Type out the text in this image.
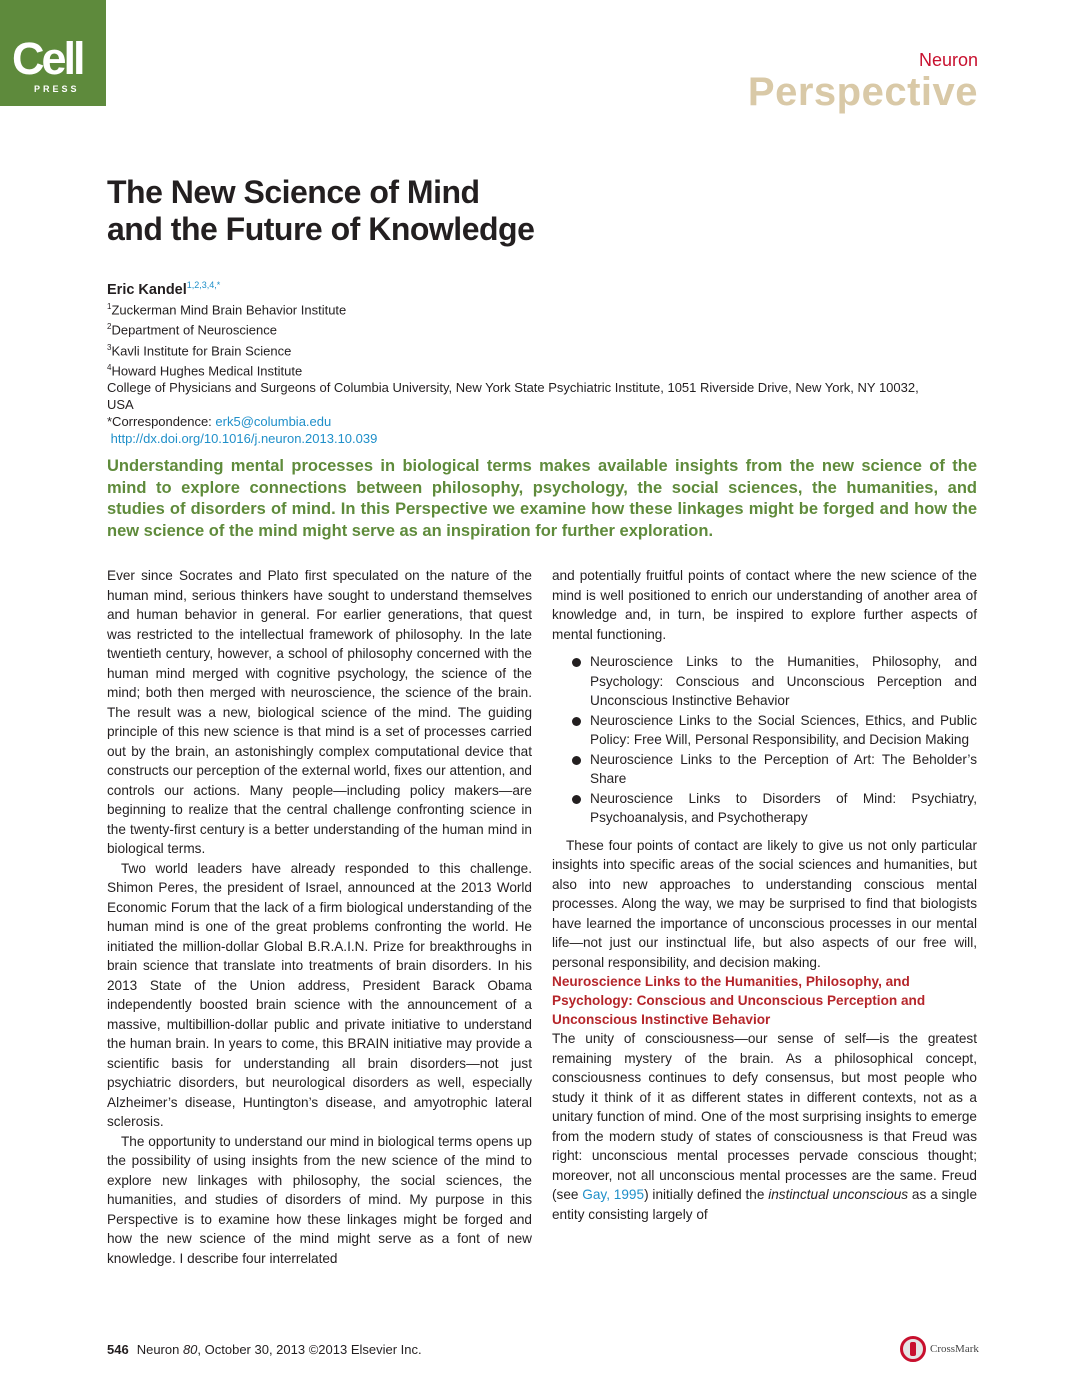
Cell
PRESS
Neuron
Perspective
The New Science of Mind
and the Future of Knowledge
Eric Kandel$^{1,2,3,4,*}$
$^1$Zuckerman Mind Brain Behavior Institute
$^2$Department of Neuroscience
$^3$Kavli Institute for Brain Science
$^4$Howard Hughes Medical Institute
College of Physicians and Surgeons of Columbia University, New York State Psychiatric Institute, 1051 Riverside Drive, New York, NY 10032, USA
*Correspondence: erk5@columbia.edu
http://dx.doi.org/10.1016/j.neuron.2013.10.039
Understanding mental processes in biological terms makes available insights from the new science of the mind to explore connections between philosophy, psychology, the social sciences, the humanities, and studies of disorders of mind. In this Perspective we examine how these linkages might be forged and how the new science of the mind might serve as an inspiration for further exploration.

Ever since Socrates and Plato first speculated on the nature of the human mind, serious thinkers have sought to understand themselves and human behavior in general. For earlier generations, that quest was restricted to the intellectual framework of philosophy. In the late twentieth century, however, a school of philosophy concerned with the human mind merged with cognitive psychology, the science of the mind; both then merged with neuroscience, the science of the brain. The result was a new, biological science of the mind. The guiding principle of this new science is that mind is a set of processes carried out by the brain, an astonishingly complex computational device that constructs our perception of the external world, fixes our attention, and controls our actions. Many people—including policy makers—are beginning to realize that the central challenge confronting science in the twenty-first century is a better understanding of the human mind in biological terms.

Two world leaders have already responded to this challenge. Shimon Peres, the president of Israel, announced at the 2013 World Economic Forum that the lack of a firm biological understanding of the human mind is one of the great problems confronting the world. He initiated the million-dollar Global B.R.A.I.N. Prize for breakthroughs in brain science that translate into treatments of brain disorders. In his 2013 State of the Union address, President Barack Obama independently boosted brain science with the announcement of a massive, multibillion-dollar public and private initiative to understand the human brain. In years to come, this BRAIN initiative may provide a scientific basis for understanding all brain disorders—not just psychiatric disorders, but neurological disorders as well, especially Alzheimer’s disease, Huntington’s disease, and amyotrophic lateral sclerosis.

The opportunity to understand our mind in biological terms opens up the possibility of using insights from the new science of the mind to explore new linkages with philosophy, the social sciences, the humanities, and studies of disorders of mind. My purpose in this Perspective is to examine how these linkages might be forged and how the new science of the mind might serve as a font of new knowledge. I describe four interrelated

and potentially fruitful points of contact where the new science of the mind is well positioned to enrich our understanding of another area of knowledge and, in turn, be inspired to explore further aspects of mental functioning.

Neuroscience Links to the Humanities, Philosophy, and Psychology: Conscious and Unconscious Perception and Unconscious Instinctive Behavior
Neuroscience Links to the Social Sciences, Ethics, and Public Policy: Free Will, Personal Responsibility, and Decision Making
Neuroscience Links to the Perception of Art: The Beholder’s Share
Neuroscience Links to Disorders of Mind: Psychiatry, Psychoanalysis, and Psychotherapy

These four points of contact are likely to give us not only particular insights into specific areas of the social sciences and humanities, but also into new approaches to understanding conscious mental processes. Along the way, we may be surprised to find that biologists have learned the importance of unconscious processes in our mental life—not just our instinctual life, but also aspects of our free will, personal responsibility, and decision making.

Neuroscience Links to the Humanities, Philosophy, and Psychology: Conscious and Unconscious Perception and Unconscious Instinctive Behavior

The unity of consciousness—our sense of self—is the greatest remaining mystery of the brain. As a philosophical concept, consciousness continues to defy consensus, but most people who study it think of it as different states in different contexts, not as a unitary function of mind. One of the most surprising insights to emerge from the modern study of states of consciousness is that Freud was right: unconscious mental processes pervade conscious thought; moreover, not all unconscious mental processes are the same. Freud (see Gay, 1995) initially defined the instinctual unconscious as a single entity consisting largely of

546 Neuron 80, October 30, 2013 ©2013 Elsevier Inc.	CrossMark
